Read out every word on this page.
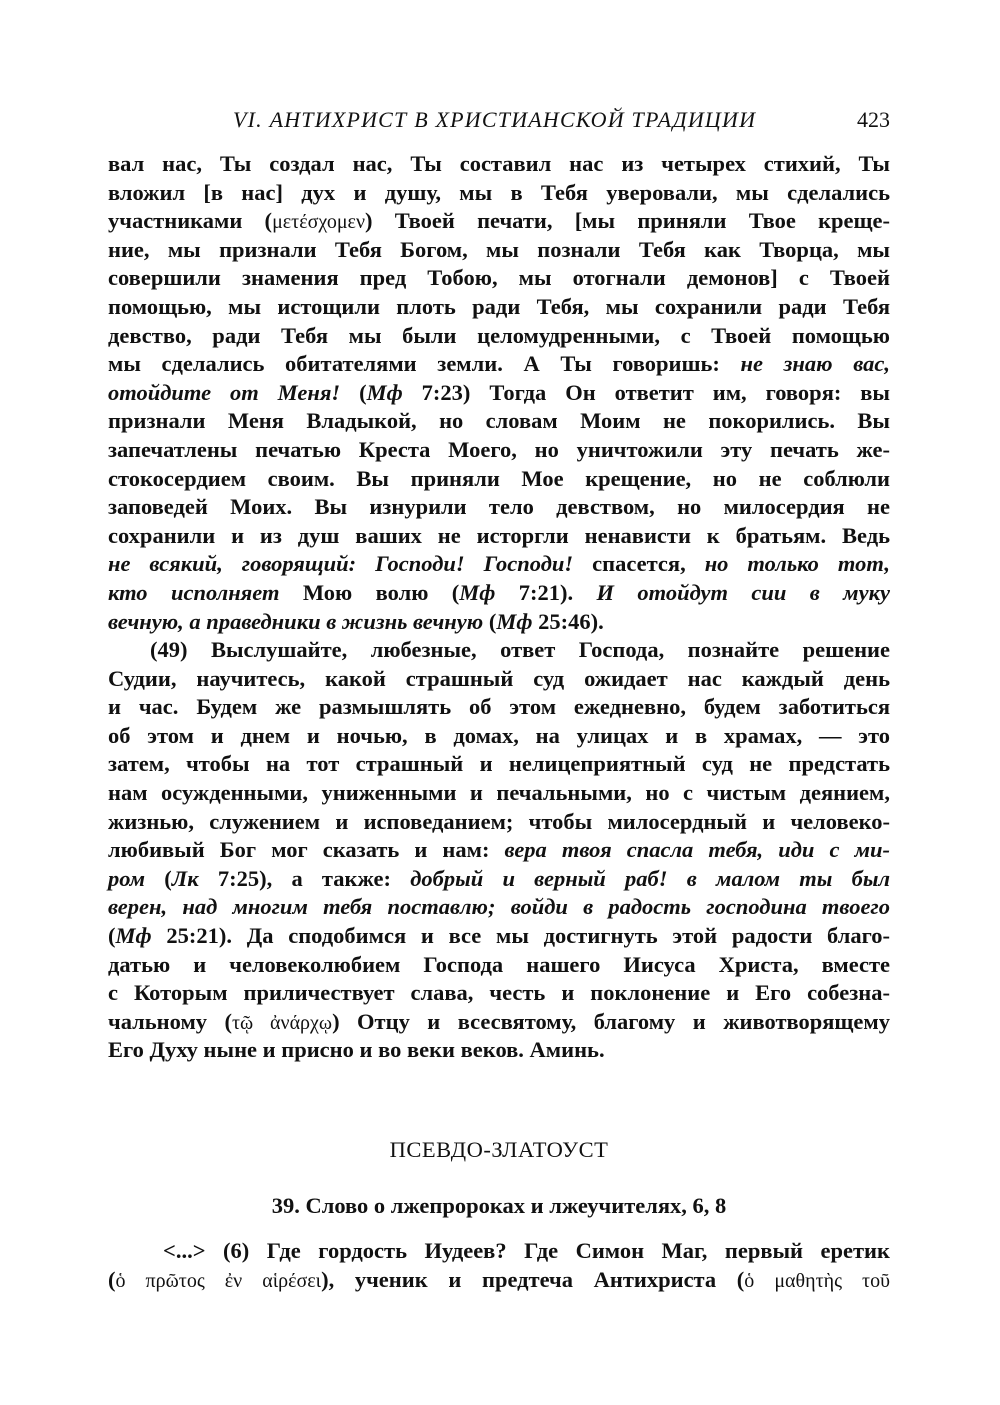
VI. АНТИХРИСТ В ХРИСТИАНСКОЙ ТРАДИЦИИ	423
вал нас, Ты создал нас, Ты составил нас из четырех стихий, Ты
вложил [в нас] дух и душу, мы в Тебя уверовали, мы сделались
участниками (μετέσχομεν) Твоей печати, [мы приняли Твое креще-
ние, мы признали Тебя Богом, мы познали Тебя как Творца, мы
совершили знамения пред Тобою, мы отогнали демонов] с Твоей
помощью, мы истощили плоть ради Тебя, мы сохранили ради Тебя
девство, ради Тебя мы были целомудренными, с Твоей помощью
мы сделались обитателями земли. А Ты говоришь: не знаю вас,
отойдите от Меня! (Мф 7:23) Тогда Он ответит им, говоря: вы
признали Меня Владыкой, но словам Моим не покорились. Вы
запечатлены печатью Креста Моего, но уничтожили эту печать же-
стокосердием своим. Вы приняли Мое крещение, но не соблюли
заповедей Моих. Вы изнурили тело девством, но милосердия не
сохранили и из душ ваших не исторгли ненависти к братьям. Ведь
не всякий, говорящий: Господи! Господи! спасется, но только тот,
кто исполняет Мою волю (Мф 7:21). И отойдут сии в муку
вечную, а праведники в жизнь вечную (Мф 25:46).
(49) Выслушайте, любезные, ответ Господа, познайте решение
Судии, научитесь, какой страшный суд ожидает нас каждый день
и час. Будем же размышлять об этом ежедневно, будем заботиться
об этом и днем и ночью, в домах, на улицах и в храмах, — это
затем, чтобы на тот страшный и нелицеприятный суд не предстать
нам осужденными, униженными и печальными, но с чистым деянием,
жизнью, служением и исповеданием; чтобы милосердный и человеко-
любивый Бог мог сказать и нам: вера твоя спасла тебя, иди с ми-
ром (Лк 7:25), а также: добрый и верный раб! в малом ты был
верен, над многим тебя поставлю; войди в радость господина твоего
(Мф 25:21). Да сподобимся и все мы достигнуть этой радости благо-
датью и человеколюбием Господа нашего Иисуса Христа, вместе
с Которым приличествует слава, честь и поклонение и Его собезна-
чальному (τῷ ἀνάρχῳ) Отцу и всесвятому, благому и животворящему
Его Духу ныне и присно и во веки веков. Аминь.
ПСЕВДО-ЗЛАТОУСТ
39. Слово о лжепророках и лжеучителях, 6, 8
<...> (6) Где гордость Иудеев? Где Симон Маг, первый еретик
(ὁ πρῶτος ἐν αἱρέσει), ученик и предтеча Антихриста (ὁ μαθητὴς τοῦ
